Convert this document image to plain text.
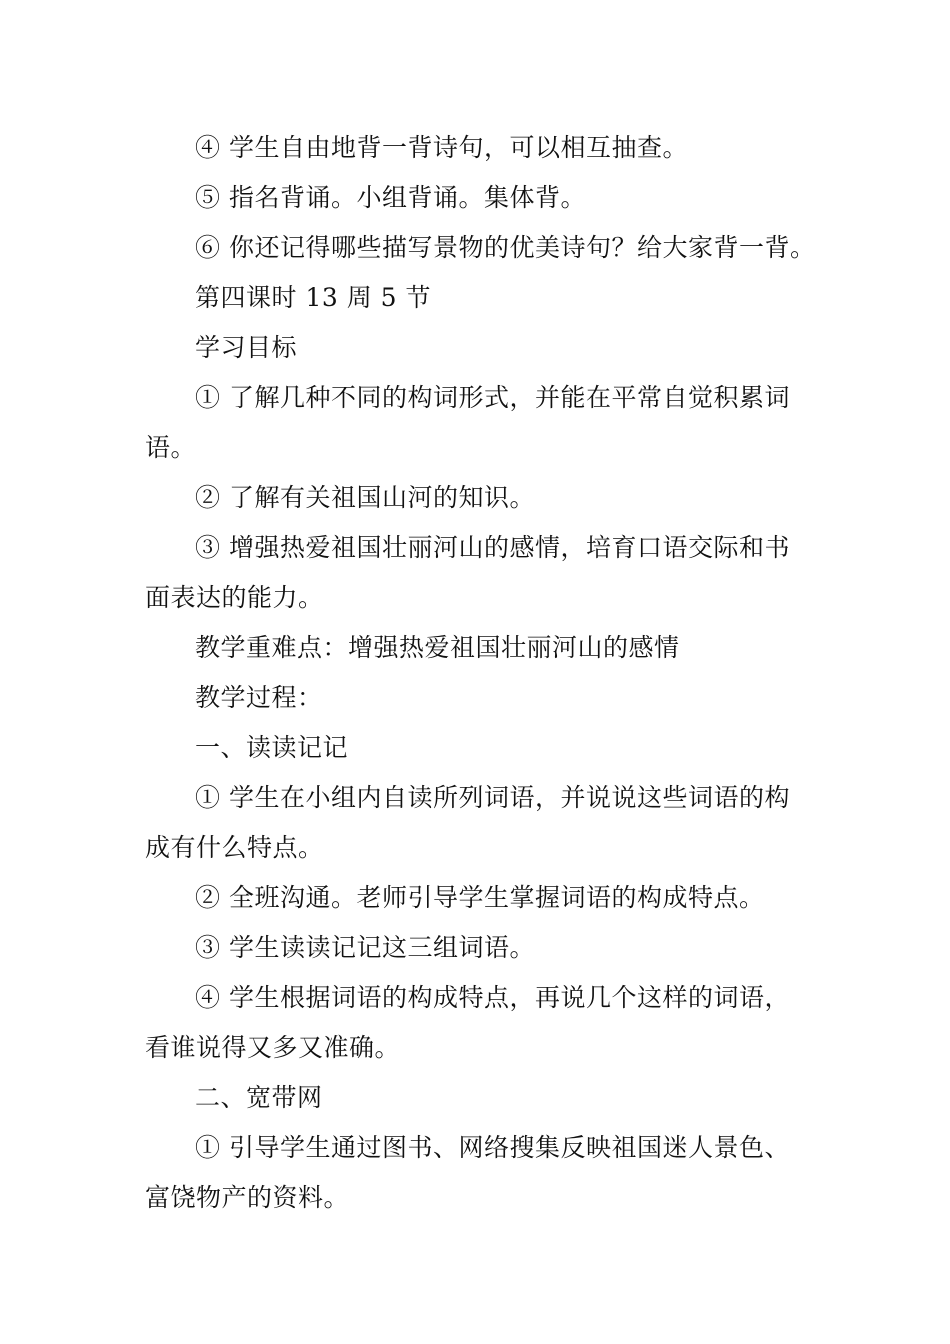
④ 学生自由地背一背诗句，可以相互抽查。
⑤ 指名背诵。小组背诵。集体背。
⑥ 你还记得哪些描写景物的优美诗句？给大家背一背。
第四课时 13 周 5 节
学习目标
① 了解几种不同的构词形式，并能在平常自觉积累词
语。
② 了解有关祖国山河的知识。
③ 增强热爱祖国壮丽河山的感情，培育口语交际和书
面表达的能力。
教学重难点：增强热爱祖国壮丽河山的感情
教学过程：
一、读读记记
① 学生在小组内自读所列词语，并说说这些词语的构
成有什么特点。
② 全班沟通。老师引导学生掌握词语的构成特点。
③ 学生读读记记这三组词语。
④ 学生根据词语的构成特点，再说几个这样的词语，
看谁说得又多又准确。
二、宽带网
① 引导学生通过图书、网络搜集反映祖国迷人景色、
富饶物产的资料。
